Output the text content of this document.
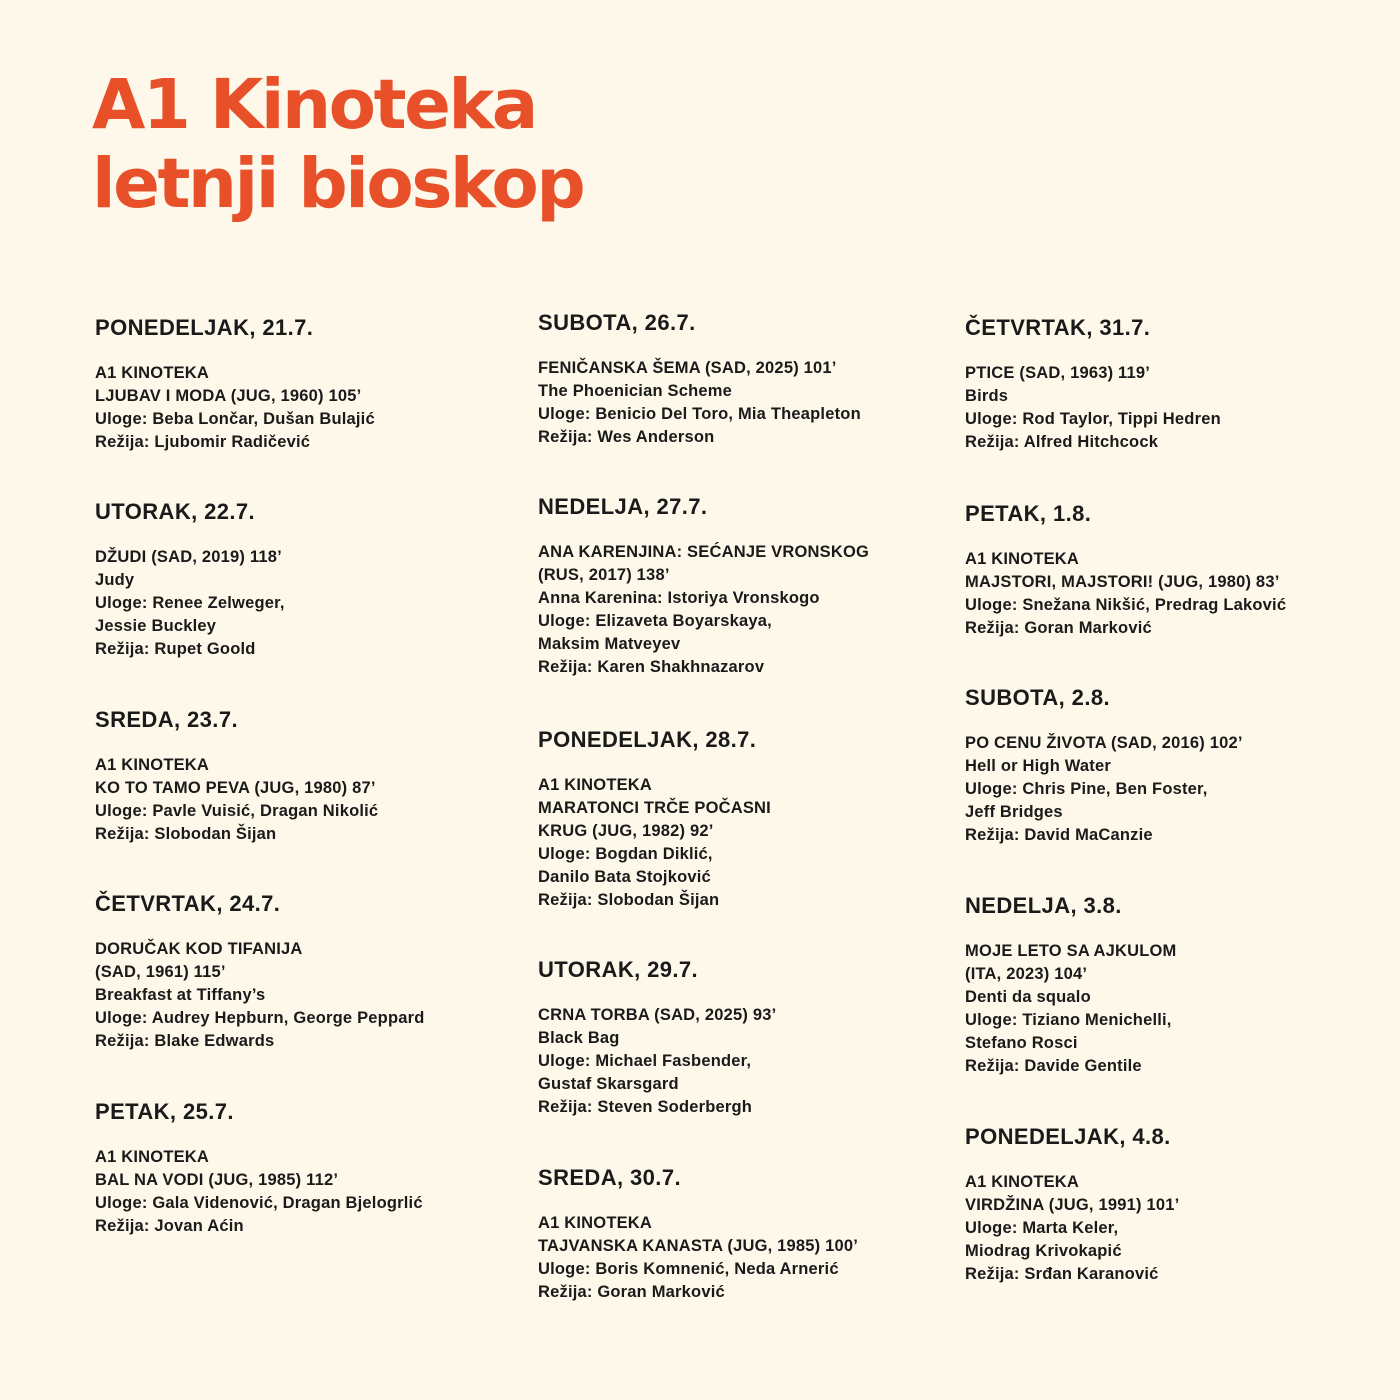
A1 Kinoteka
letnji bioskop
PONEDELJAK, 21.7.
A1 KINOTEKA
LJUBAV I MODA (JUG, 1960) 105’
Uloge: Beba Lončar, Dušan Bulajić
Režija: Ljubomir Radičević
UTORAK, 22.7.
DŽUDI (SAD, 2019) 118’
Judy
Uloge: Renee Zelweger,
Jessie Buckley
Režija: Rupet Goold
SREDA, 23.7.
A1 KINOTEKA
KO TO TAMO PEVA (JUG, 1980) 87’
Uloge: Pavle Vuisić, Dragan Nikolić
Režija: Slobodan Šijan
ČETVRTAK, 24.7.
DORUČAK KOD TIFANIJA
(SAD, 1961) 115’
Breakfast at Tiffany’s
Uloge: Audrey Hepburn, George Peppard
Režija: Blake Edwards
PETAK, 25.7.
A1 KINOTEKA
BAL NA VODI (JUG, 1985) 112’
Uloge: Gala Videnović, Dragan Bjelogrlić
Režija: Jovan Aćin
SUBOTA, 26.7.
FENIČANSKA ŠEMA (SAD, 2025) 101’
The Phoenician Scheme
Uloge: Benicio Del Toro, Mia Theapleton
Režija: Wes Anderson
NEDELJA, 27.7.
ANA KARENJINA: SEĆANJE VRONSKOG
(RUS, 2017) 138’
Anna Karenina: Istoriya Vronskogo
Uloge: Elizaveta Boyarskaya,
Maksim Matveyev
Režija: Karen Shakhnazarov
PONEDELJAK, 28.7.
A1 KINOTEKA
MARATONCI TRČE POČASNI
KRUG (JUG, 1982) 92’
Uloge: Bogdan Diklić,
Danilo Bata Stojković
Režija: Slobodan Šijan
UTORAK, 29.7.
CRNA TORBA (SAD, 2025) 93’
Black Bag
Uloge: Michael Fasbender,
Gustaf Skarsgard
Režija: Steven Soderbergh
SREDA, 30.7.
A1 KINOTEKA
TAJVANSKA KANASTA (JUG, 1985) 100’
Uloge: Boris Komnenić, Neda Arnerić
Režija: Goran Marković
ČETVRTAK, 31.7.
PTICE (SAD, 1963) 119’
Birds
Uloge: Rod Taylor, Tippi Hedren
Režija: Alfred Hitchcock
PETAK, 1.8.
A1 KINOTEKA
MAJSTORI, MAJSTORI! (JUG, 1980) 83’
Uloge: Snežana Nikšić, Predrag Laković
Režija: Goran Marković
SUBOTA, 2.8.
PO CENU ŽIVOTA (SAD, 2016) 102’
Hell or High Water
Uloge: Chris Pine, Ben Foster,
Jeff Bridges
Režija: David MaCanzie
NEDELJA, 3.8.
MOJE LETO SA AJKULOM
(ITA, 2023) 104’
Denti da squalo
Uloge: Tiziano Menichelli,
Stefano Rosci
Režija: Davide Gentile
PONEDELJAK, 4.8.
A1 KINOTEKA
VIRDŽINA (JUG, 1991) 101’
Uloge: Marta Keler,
Miodrag Krivokapić
Režija: Srđan Karanović
